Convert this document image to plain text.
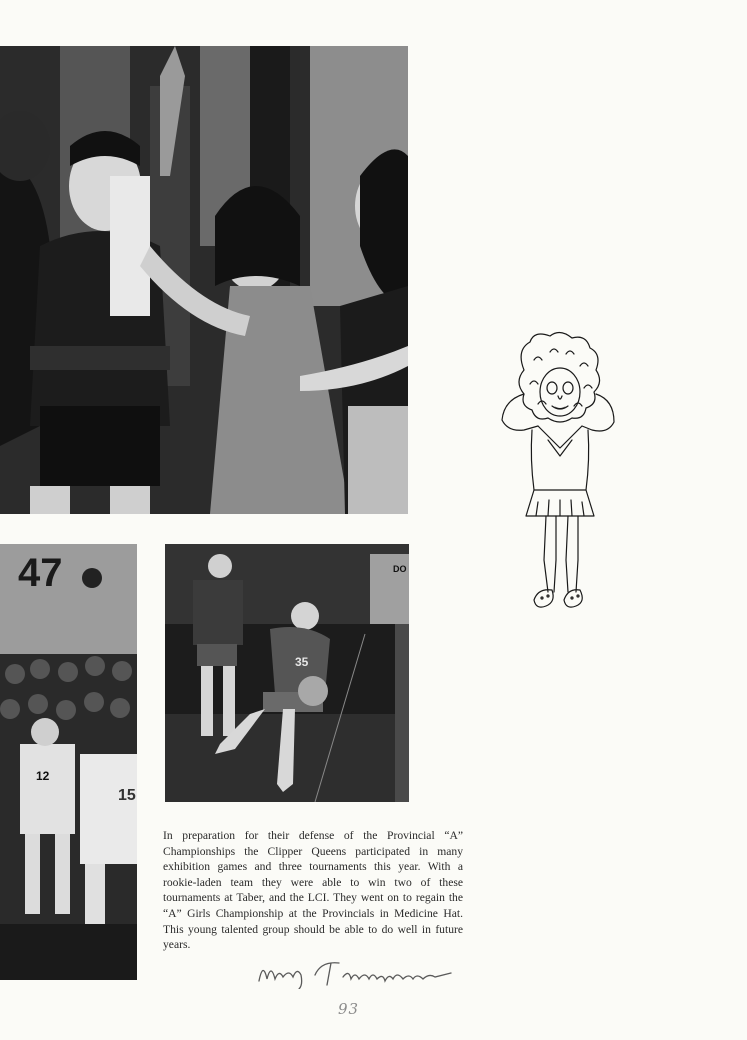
47
12
15
DO
35
In preparation for their defense of the Provincial “A” Championships the Clipper Queens participated in many exhibition games and three tournaments this year. With a rookie-laden team they were able to win two of these tournaments at Taber, and the LCI. They went on to regain the “A” Girls Championship at the Provincials in Medicine Hat. This young talented group should be able to do well in future years.
93
